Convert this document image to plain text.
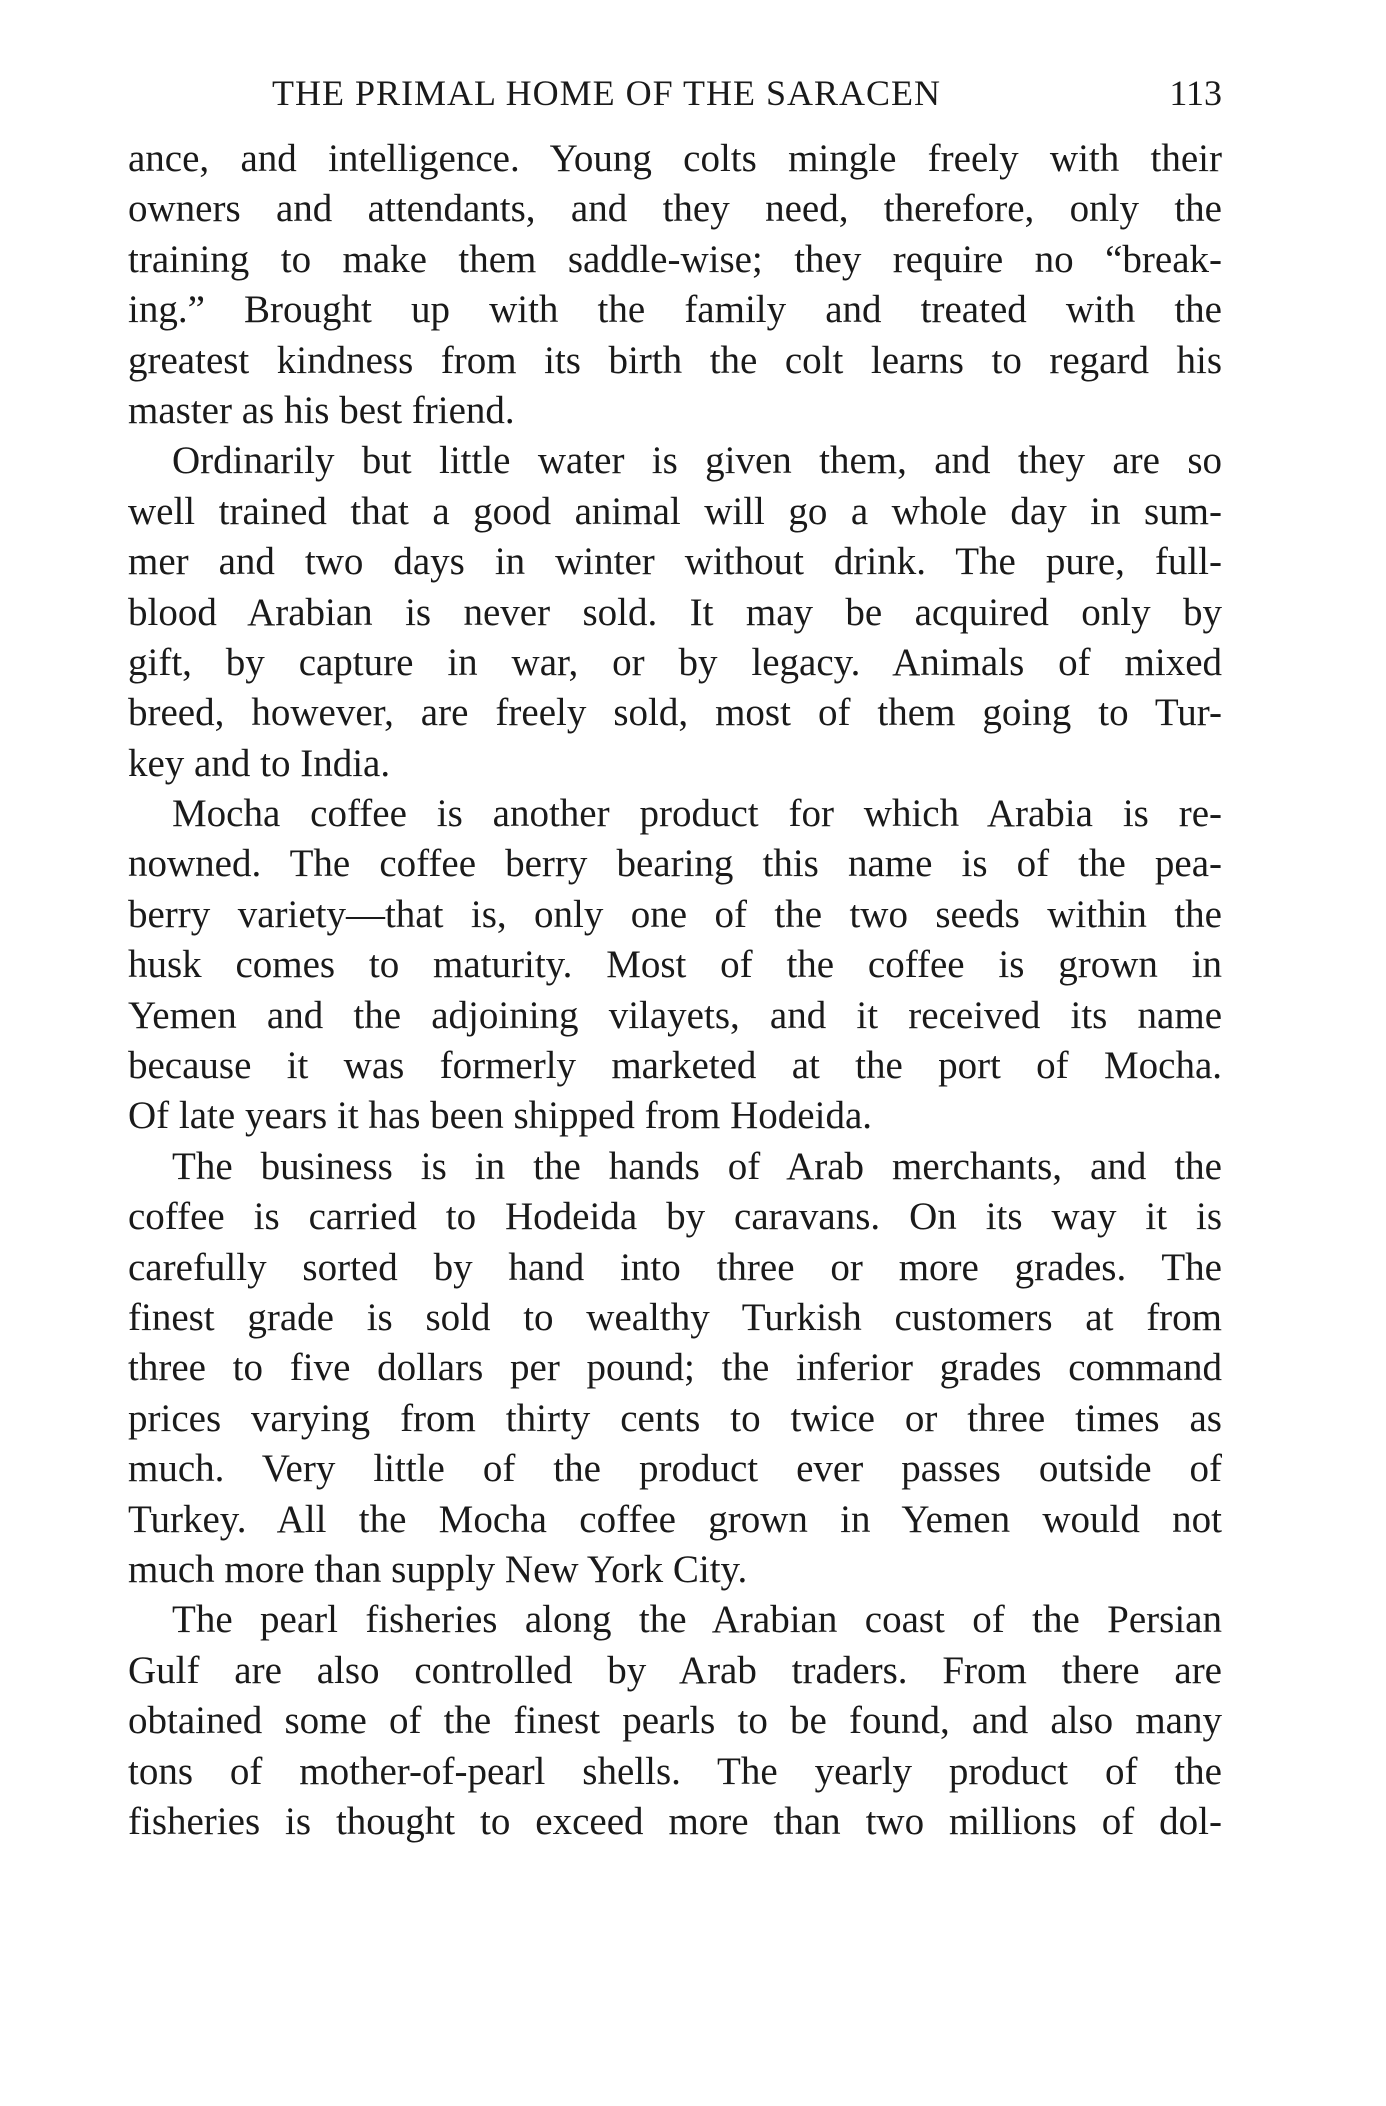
THE PRIMAL HOME OF THE SARACEN	113
ance, and intelligence. Young colts mingle freely with their
owners and attendants, and they need, therefore, only the
training to make them saddle-wise; they require no “break-
ing.” Brought up with the family and treated with the
greatest kindness from its birth the colt learns to regard his
master as his best friend.
Ordinarily but little water is given them, and they are so
well trained that a good animal will go a whole day in sum-
mer and two days in winter without drink. The pure, full-
blood Arabian is never sold. It may be acquired only by
gift, by capture in war, or by legacy. Animals of mixed
breed, however, are freely sold, most of them going to Tur-
key and to India.
Mocha coffee is another product for which Arabia is re-
nowned. The coffee berry bearing this name is of the pea-
berry variety—that is, only one of the two seeds within the
husk comes to maturity. Most of the coffee is grown in
Yemen and the adjoining vilayets, and it received its name
because it was formerly marketed at the port of Mocha.
Of late years it has been shipped from Hodeida.
The business is in the hands of Arab merchants, and the
coffee is carried to Hodeida by caravans. On its way it is
carefully sorted by hand into three or more grades. The
finest grade is sold to wealthy Turkish customers at from
three to five dollars per pound; the inferior grades command
prices varying from thirty cents to twice or three times as
much. Very little of the product ever passes outside of
Turkey. All the Mocha coffee grown in Yemen would not
much more than supply New York City.
The pearl fisheries along the Arabian coast of the Persian
Gulf are also controlled by Arab traders. From there are
obtained some of the finest pearls to be found, and also many
tons of mother-of-pearl shells. The yearly product of the
fisheries is thought to exceed more than two millions of dol-
